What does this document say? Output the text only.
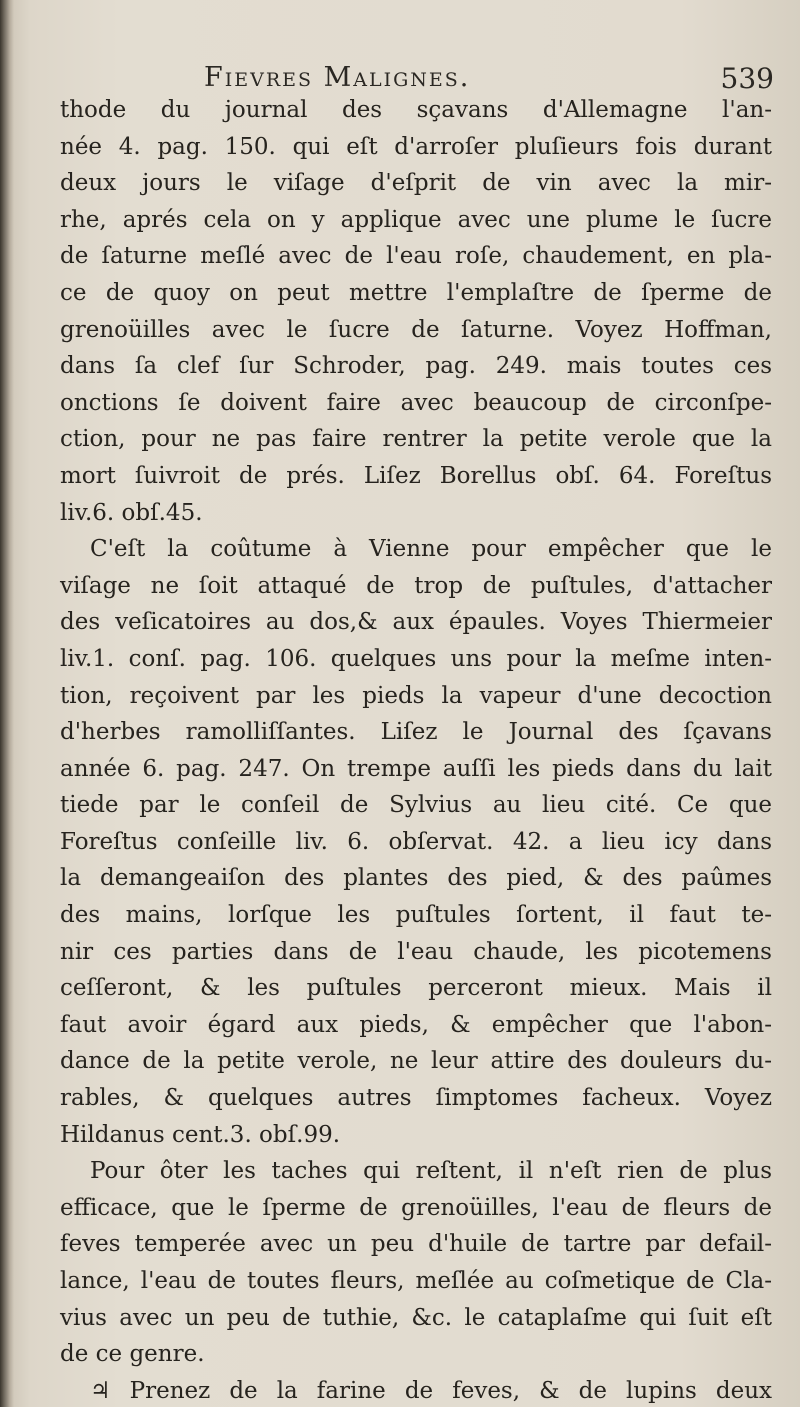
Fievres Malignes.	539
thode du journal des sçavans d'Allemagne l'an-
née 4. pag. 150. qui eſt d'arroſer pluſieurs fois durant
deux jours le viſage d'eſprit de vin avec la mir-
rhe, aprés cela on y applique avec une plume le ſucre
de ſaturne meſlé avec de l'eau roſe, chaudement, en pla-
ce de quoy on peut mettre l'emplaſtre de ſperme de
grenoüilles avec le ſucre de ſaturne. Voyez Hoffman,
dans ſa clef ſur Schroder, pag. 249. mais toutes ces
onctions ſe doivent faire avec beaucoup de circonſpe-
ction, pour ne pas faire rentrer la petite verole que la
mort ſuivroit de prés. Liſez Borellus obſ. 64. Foreſtus
liv.6. obſ.45.
C'eſt la coûtume à Vienne pour empêcher que le
viſage ne ſoit attaqué de trop de puſtules, d'attacher
des veſicatoires au dos,& aux épaules. Voyes Thiermeier
liv.1. conſ. pag. 106. quelques uns pour la meſme inten-
tion, reçoivent par les pieds la vapeur d'une decoction
d'herbes ramolliſſantes. Liſez le Journal des ſçavans
année 6. pag. 247. On trempe auſſi les pieds dans du lait
tiede par le conſeil de Sylvius au lieu cité. Ce que
Foreſtus conſeille liv. 6. obſervat. 42. a lieu icy dans
la demangeaiſon des plantes des pied, & des paûmes
des mains, lorſque les puſtules ſortent, il faut te-
nir ces parties dans de l'eau chaude, les picotemens
ceſſeront, & les puſtules perceront mieux. Mais il
faut avoir égard aux pieds, & empêcher que l'abon-
dance de la petite verole, ne leur attire des douleurs du-
rables, & quelques autres ſimptomes facheux. Voyez
Hildanus cent.3. obſ.99.
Pour ôter les taches qui reſtent, il n'eſt rien de plus
efficace, que le ſperme de grenoüilles, l'eau de fleurs de
feves temperée avec un peu d'huile de tartre par defail-
lance, l'eau de toutes fleurs, meſlée au coſmetique de Cla-
vius avec un peu de tuthie, &c. le cataplaſme qui ſuit eſt
de ce genre.
♃ Prenez de la farine de feves, & de lupins deux
